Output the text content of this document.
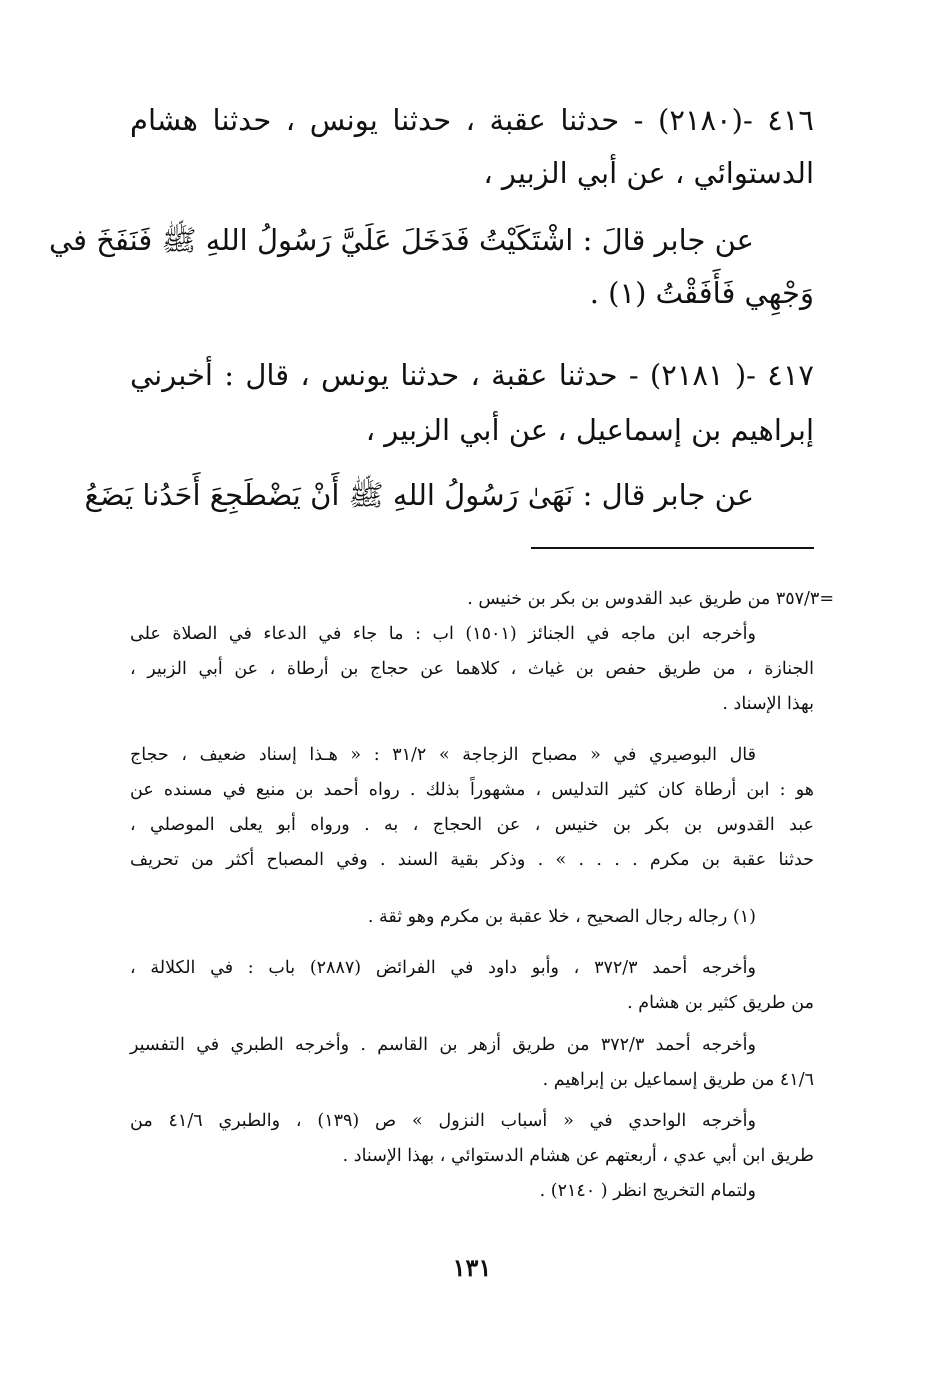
٤١٦ -(٢١٨٠) - حدثنا عقبة ، حدثنا يونس ، حدثنا هشام
الدستوائي ، عن أبي الزبير ،
عن جابر قالَ : اشْتَكَيْتُ فَدَخَلَ عَلَيَّ رَسُولُ اللهِ ﷺ فَنَفَخَ في
وَجْهِي فَأَفَقْتُ (١) .
٤١٧ -( ٢١٨١) - حدثنا عقبة ، حدثنا يونس ، قال : أخبرني
إبراهيم بن إسماعيل ، عن أبي الزبير ،
عن جابر قال : نَهَىٰ رَسُولُ اللهِ ﷺ أَنْ يَضْطَجِعَ أَحَدُنا يَضَعُ
=٣٥٧/٣ من طريق عبد القدوس بن بكر بن خنيس .
وأخرجه ابن ماجه في الجنائز (١٥٠١) اب : ما جاء في الدعاء في الصلاة على
الجنازة ، من طريق حفص بن غياث ، كلاهما عن حجاج بن أرطاة ، عن أبي الزبير ،
بهذا الإسناد .
قال البوصيري في « مصباح الزجاجة » ٣١/٢ : « هـذا إسناد ضعيف ، حجاج
هو : ابن أرطاة كان كثير التدليس ، مشهوراً بذلك . رواه أحمد بن منيع في مسنده عن
عبد القدوس بن بكر بن خنيس ، عن الحجاج ، به . ورواه أبو يعلى الموصلي ،
حدثنا عقبة بن مكرم . . . . » . وذكر بقية السند . وفي المصباح أكثر من تحريف
(١) رجاله رجال الصحيح ، خلا عقبة بن مكرم وهو ثقة .
وأخرجه أحمد ٣٧٢/٣ ، وأبو داود في الفرائض (٢٨٨٧) باب : في الكلالة ،
من طريق كثير بن هشام .
وأخرجه أحمد ٣٧٢/٣ من طريق أزهر بن القاسم . وأخرجه الطبري في التفسير
٤١/٦ من طريق إسماعيل بن إبراهيم .
وأخرجه الواحدي في « أسباب النزول » ص (١٣٩) ، والطبري ٤١/٦ من
طريق ابن أبي عدي ، أربعتهم عن هشام الدستوائي ، بهذا الإسناد .
ولتمام التخريج انظر ( ٢١٤٠) .
١٣١
